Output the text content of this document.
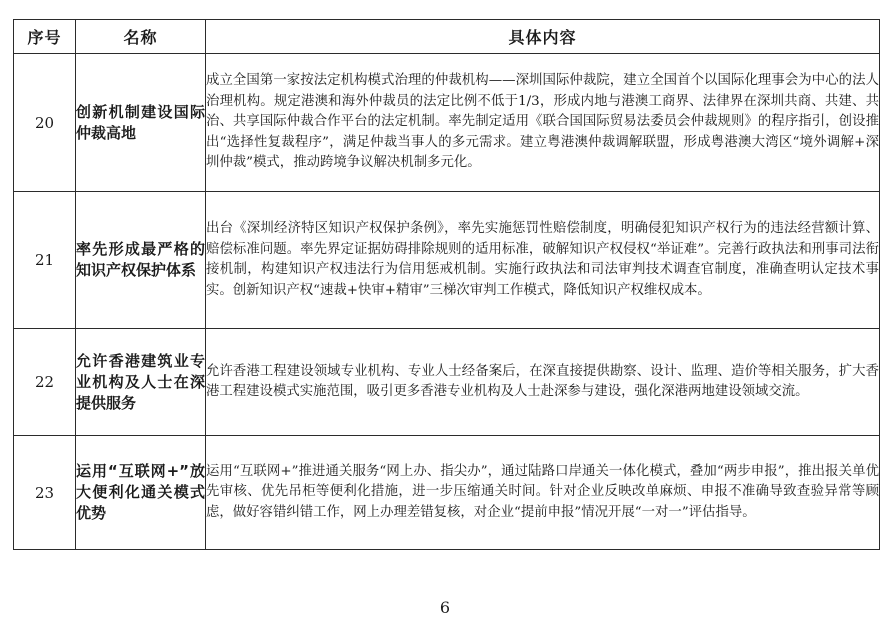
序号	名称	具体内容
20	创新机制建设国际仲裁高地	成立全国第一家按法定机构模式治理的仲裁机构——深圳国际仲裁院，建立全国首个以国际化理事会为中心的法人治理机构。规定港澳和海外仲裁员的法定比例不低于1/3，形成内地与港澳工商界、法律界在深圳共商、共建、共治、共享国际仲裁合作平台的法定机制。率先制定适用《联合国国际贸易法委员会仲裁规则》的程序指引，创设推出“选择性复裁程序”，满足仲裁当事人的多元需求。建立粤港澳仲裁调解联盟，形成粤港澳大湾区“境外调解+深圳仲裁”模式，推动跨境争议解决机制多元化。
21	率先形成最严格的知识产权保护体系	出台《深圳经济特区知识产权保护条例》，率先实施惩罚性赔偿制度，明确侵犯知识产权行为的违法经营额计算、赔偿标准问题。率先界定证据妨碍排除规则的适用标准，破解知识产权侵权“举证难”。完善行政执法和刑事司法衔接机制，构建知识产权违法行为信用惩戒机制。实施行政执法和司法审判技术调查官制度，准确查明认定技术事实。创新知识产权“速裁+快审+精审”三梯次审判工作模式，降低知识产权维权成本。
22	允许香港建筑业专业机构及人士在深提供服务	允许香港工程建设领域专业机构、专业人士经备案后，在深直接提供勘察、设计、监理、造价等相关服务，扩大香港工程建设模式实施范围，吸引更多香港专业机构及人士赴深参与建设，强化深港两地建设领域交流。
23	运用“互联网+”放大便利化通关模式优势	运用“互联网+”推进通关服务“网上办、指尖办”，通过陆路口岸通关一体化模式，叠加“两步申报”，推出报关单优先审核、优先吊柜等便利化措施，进一步压缩通关时间。针对企业反映改单麻烦、申报不准确导致查验异常等顾虑，做好容错纠错工作，网上办理差错复核，对企业“提前申报”情况开展“一对一”评估指导。
6
